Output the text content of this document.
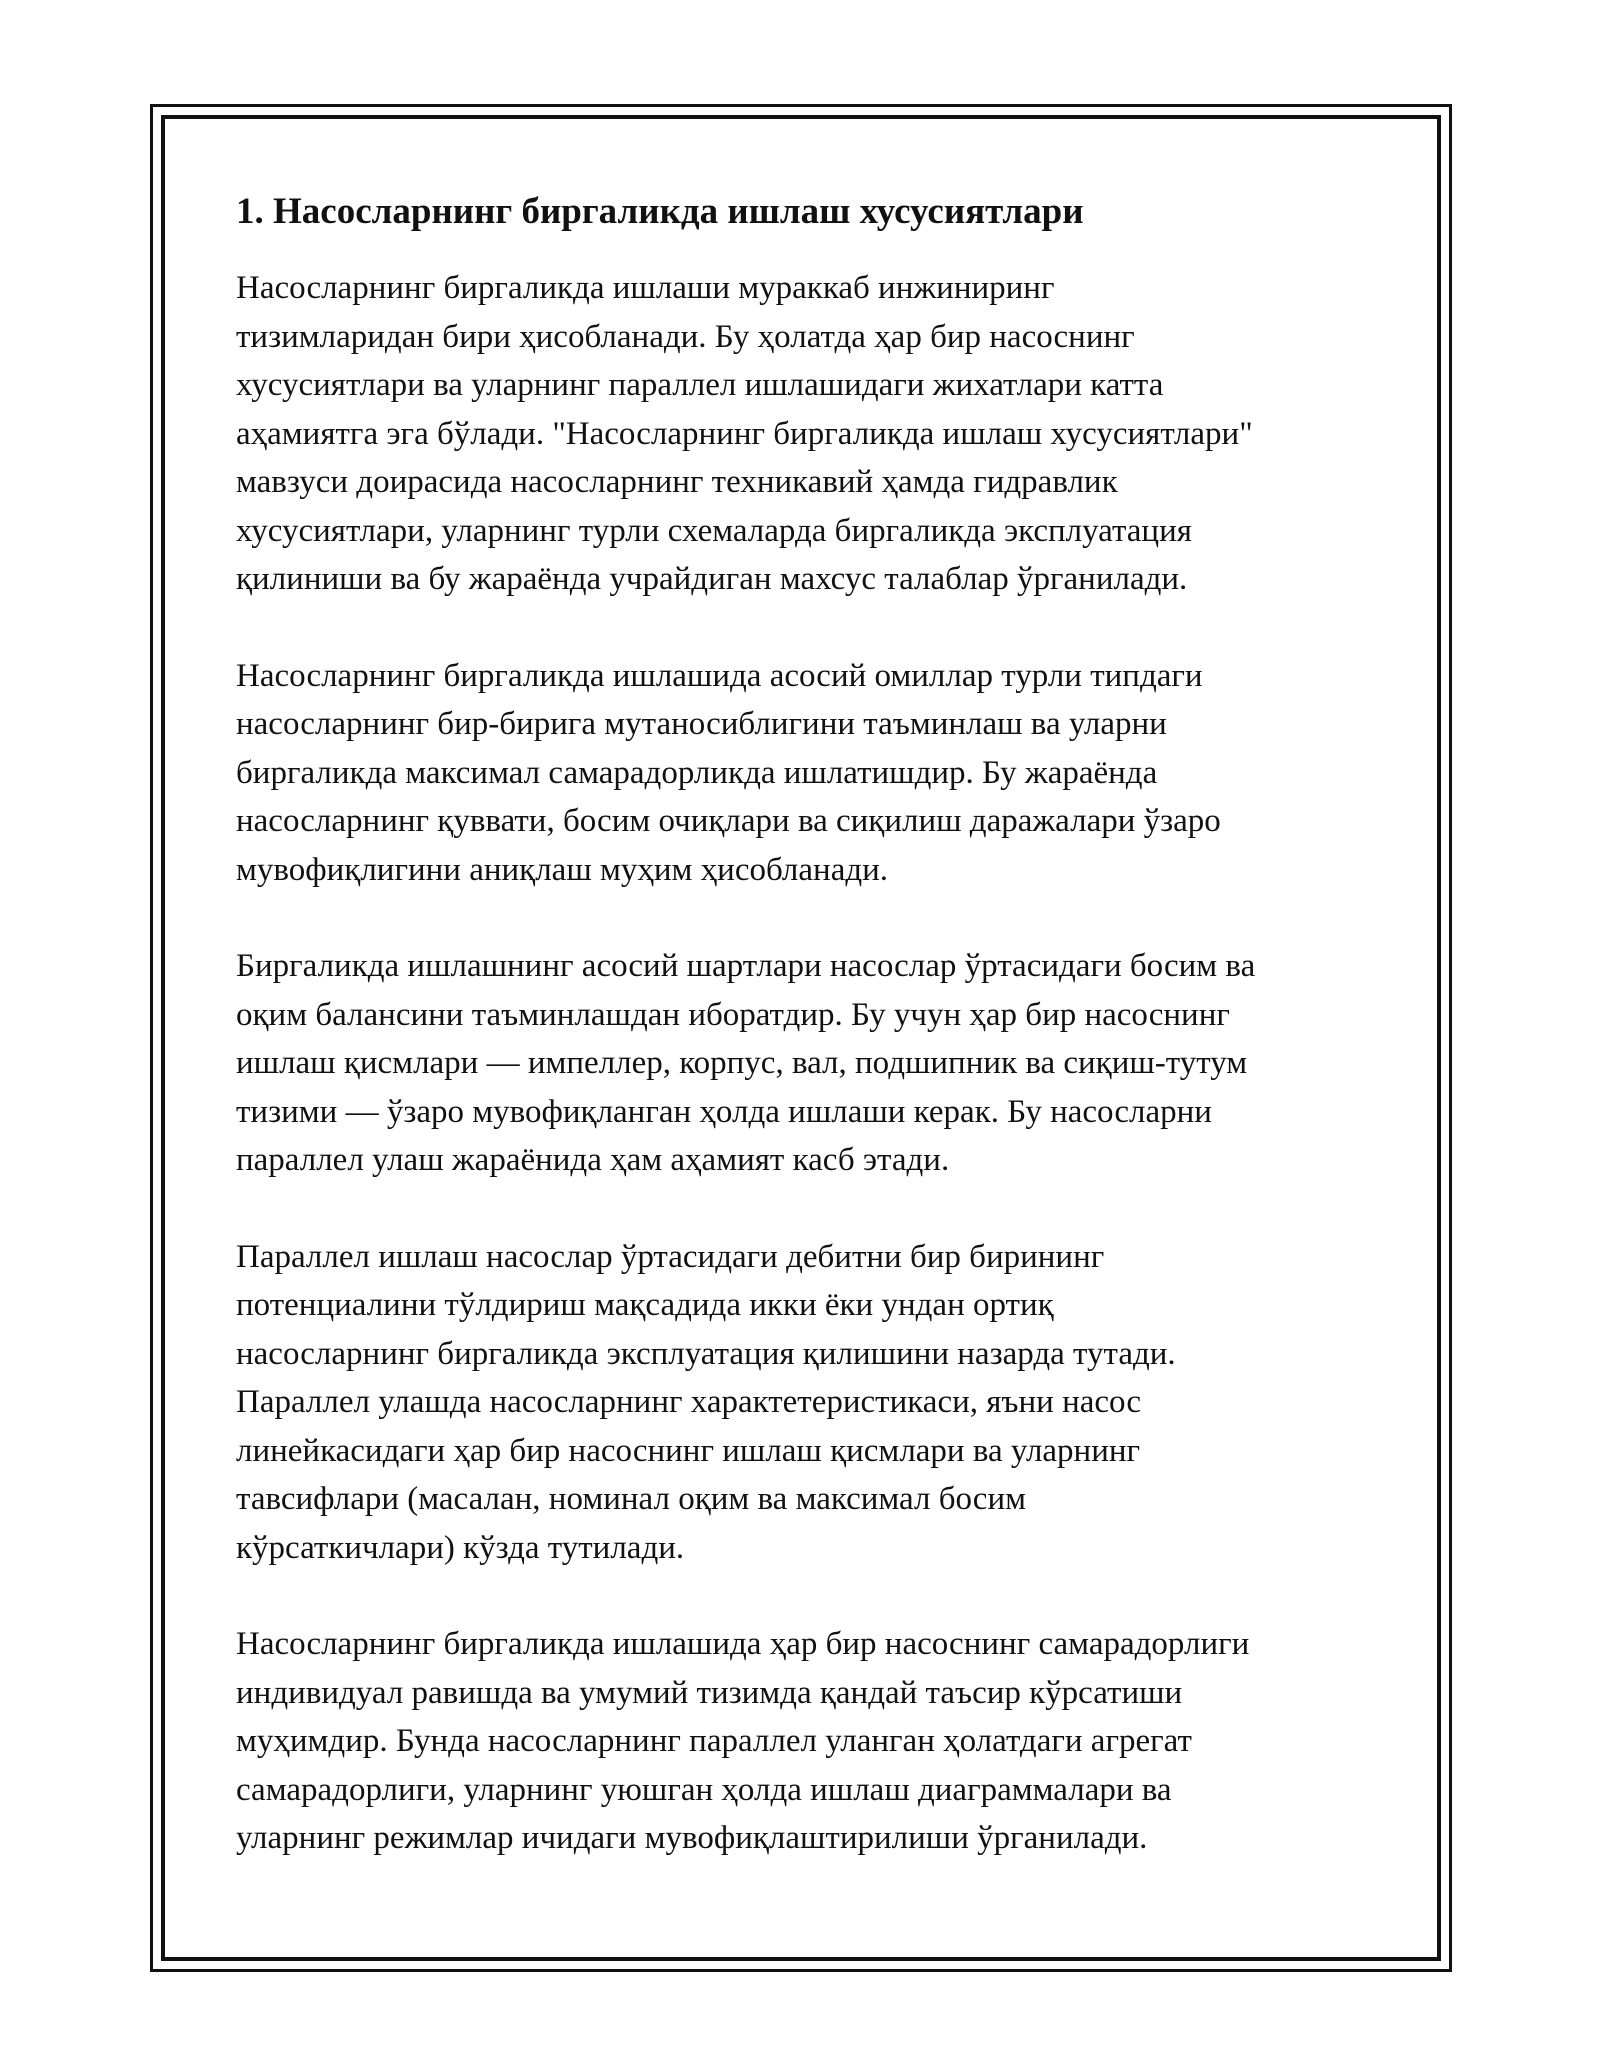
1. Насосларнинг биргаликда ишлаш хусусиятлари

Насосларнинг биргаликда ишлаши мураккаб инжиниринг
тизимларидан бири ҳисобланади. Бу ҳолатда ҳар бир насоснинг
хусусиятлари ва уларнинг параллел ишлашидаги жихатлари катта
аҳамиятга эга бўлади. "Насосларнинг биргаликда ишлаш хусусиятлари"
мавзуси доирасида насосларнинг техникавий ҳамда гидравлик
хусусиятлари, уларнинг турли схемаларда биргаликда эксплуатация
қилиниши ва бу жараёнда учрайдиган махсус талаблар ўрганилади.

Насосларнинг биргаликда ишлашида асосий омиллар турли типдаги
насосларнинг бир-бирига мутаносиблигини таъминлаш ва уларни
биргаликда максимал самарадорликда ишлатишдир. Бу жараёнда
насосларнинг қуввати, босим очиқлари ва сиқилиш даражалари ўзаро
мувофиқлигини аниқлаш муҳим ҳисобланади.

Биргаликда ишлашнинг асосий шартлари насослар ўртасидаги босим ва
оқим балансини таъминлашдан иборатдир. Бу учун ҳар бир насоснинг
ишлаш қисмлари — импеллер, корпус, вал, подшипник ва сиқиш-тутум
тизими — ўзаро мувофиқланган ҳолда ишлаши керак. Бу насосларни
параллел улаш жараёнида ҳам аҳамият касб этади.

Параллел ишлаш насослар ўртасидаги дебитни бир бирининг
потенциалини тўлдириш мақсадида икки ёки ундан ортиқ
насосларнинг биргаликда эксплуатация қилишини назарда тутади.
Параллел улашда насосларнинг характетеристикаси, яъни насос
линейкасидаги ҳар бир насоснинг ишлаш қисмлари ва уларнинг
тавсифлари (масалан, номинал оқим ва максимал босим
кўрсаткичлари) кўзда тутилади.

Насосларнинг биргаликда ишлашида ҳар бир насоснинг самарадорлиги
индивидуал равишда ва умумий тизимда қандай таъсир кўрсатиши
муҳимдир. Бунда насосларнинг параллел уланган ҳолатдаги агрегат
самарадорлиги, уларнинг уюшган ҳолда ишлаш диаграммалари ва
уларнинг режимлар ичидаги мувофиқлаштирилиши ўрганилади.
